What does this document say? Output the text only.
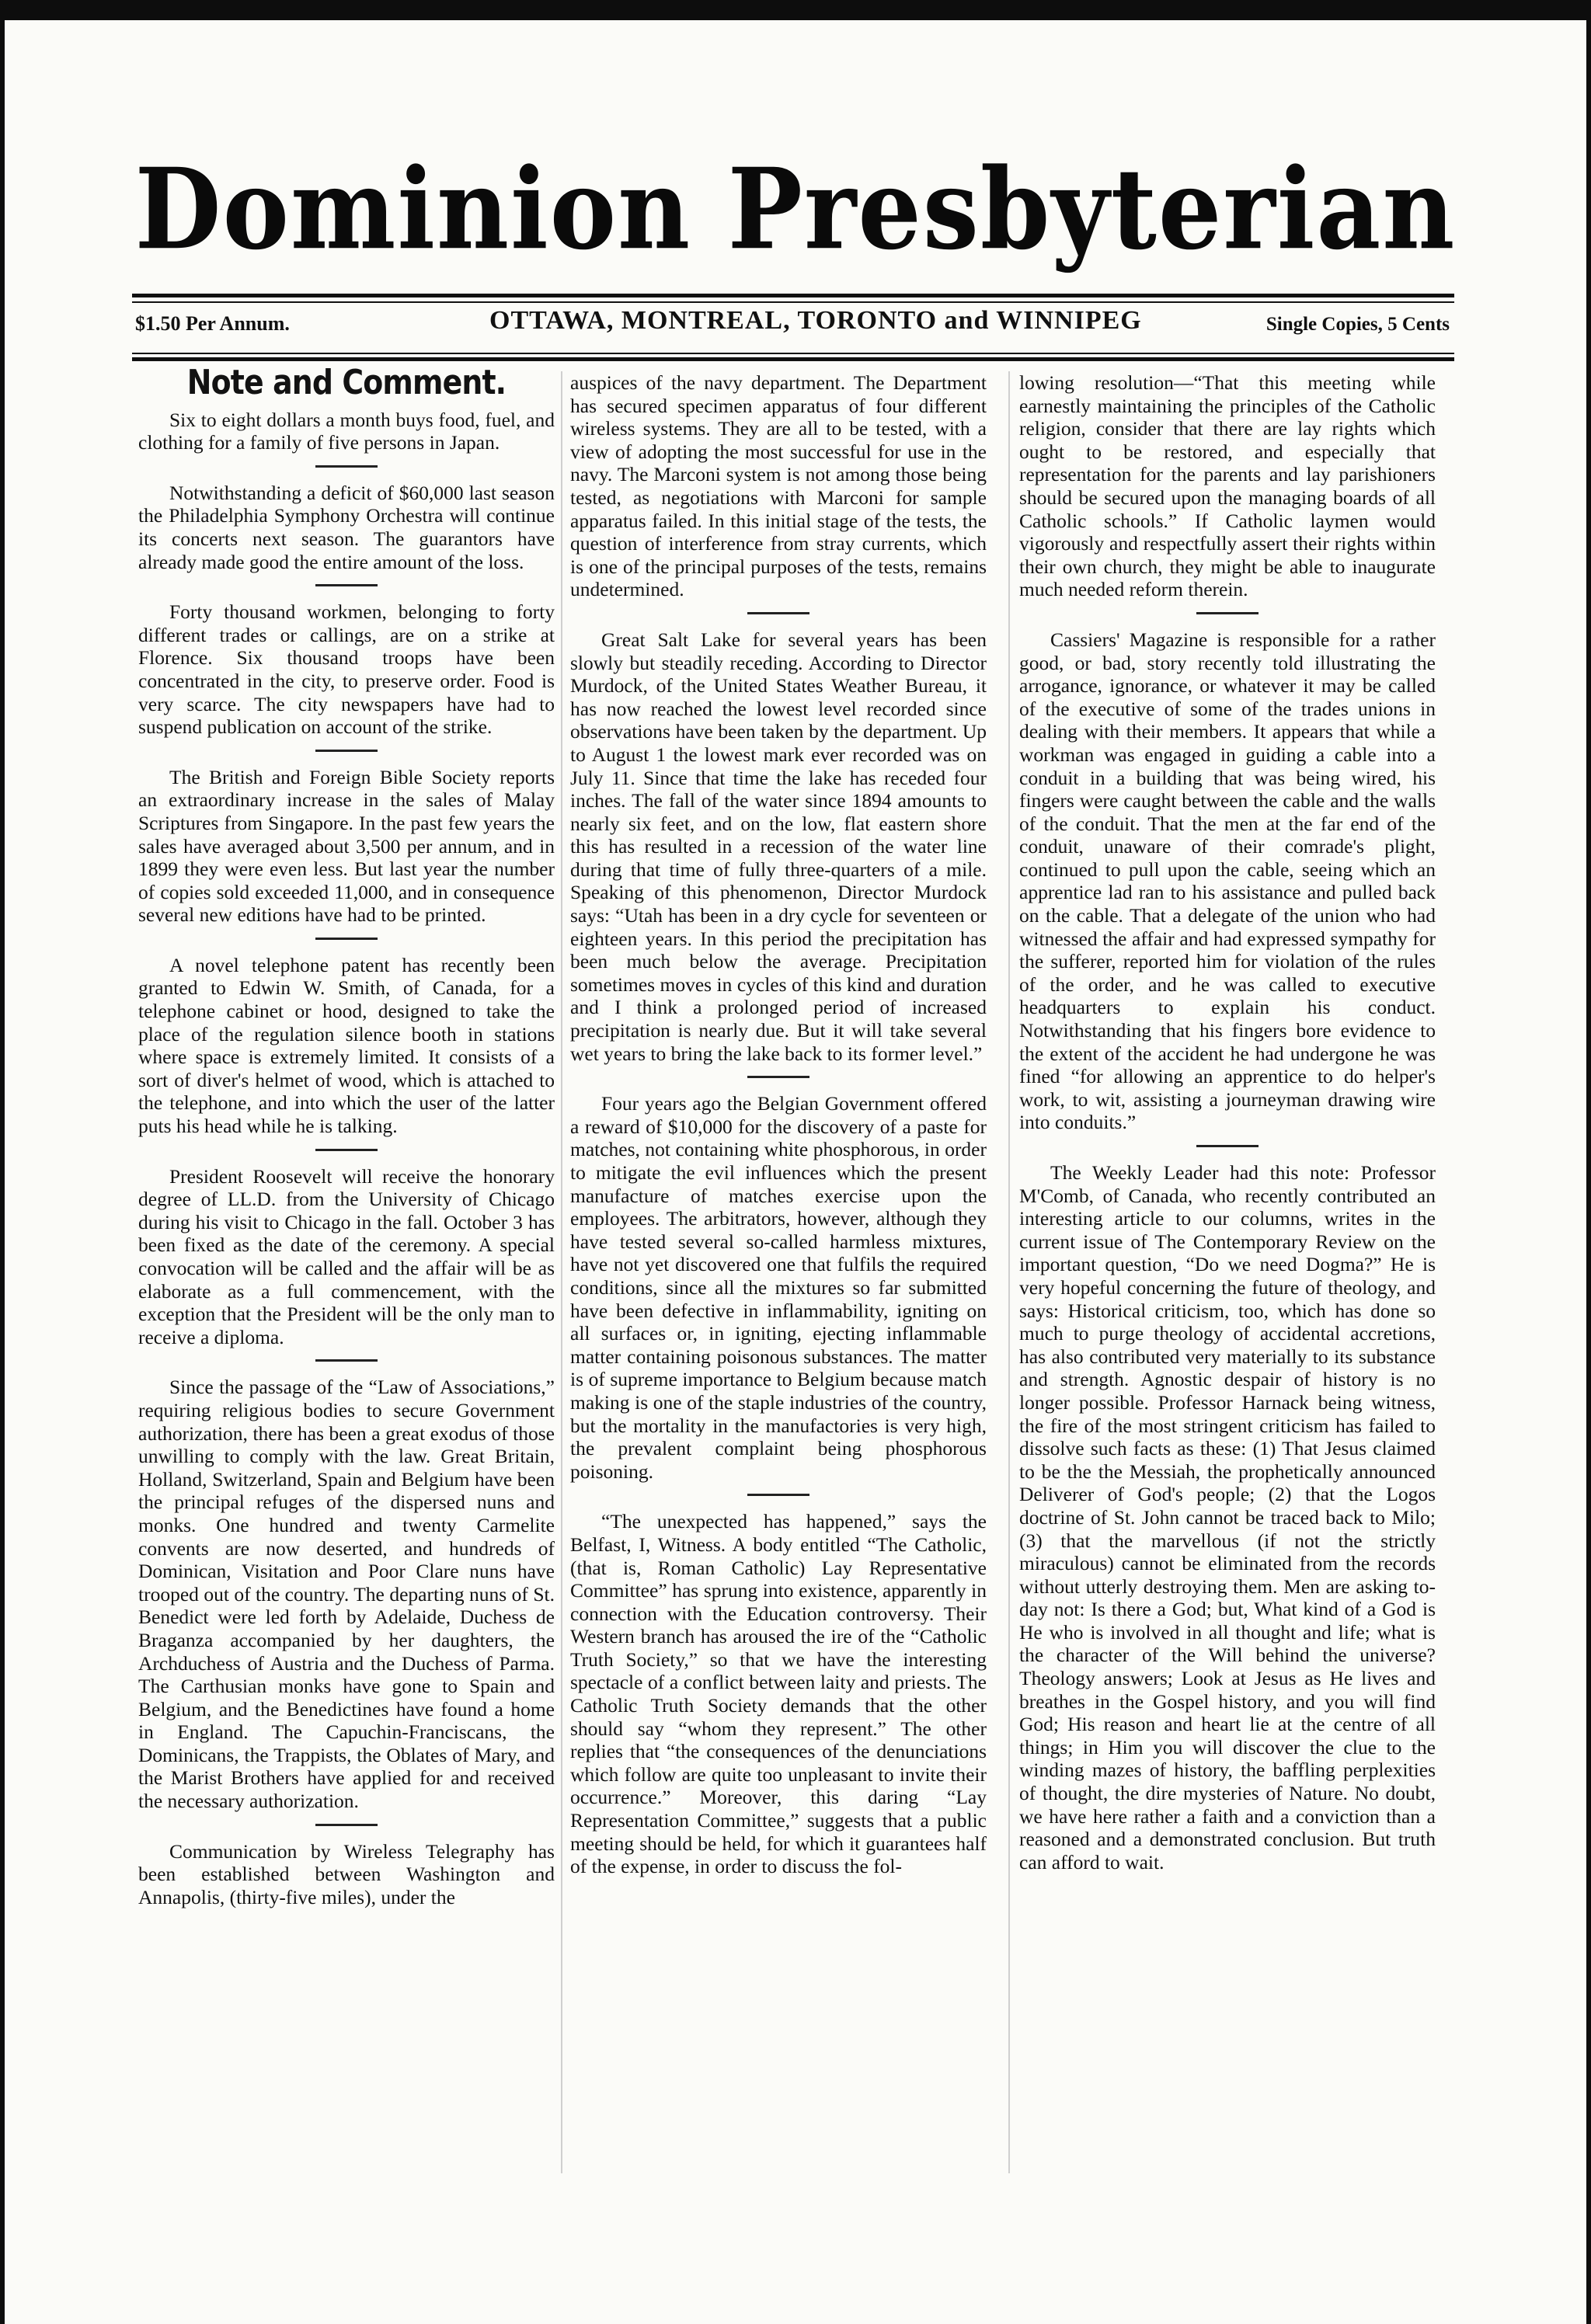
Dominion Presbyterian
$1.50 Per Annum.	OTTAWA, MONTREAL, TORONTO and WINNIPEG	Single Copies, 5 Cents
Note and Comment.

Six to eight dollars a month buys food, fuel, and clothing for a family of five persons in Japan.

Notwithstanding a deficit of $60,000 last season the Philadelphia Symphony Orchestra will continue its concerts next season. The guarantors have already made good the entire amount of the loss.

Forty thousand workmen, belonging to forty different trades or callings, are on a strike at Florence. Six thousand troops have been concentrated in the city, to preserve order. Food is very scarce. The city newspapers have had to suspend publication on account of the strike.

The British and Foreign Bible Society reports an extraordinary increase in the sales of Malay Scriptures from Singapore. In the past few years the sales have averaged about 3,500 per annum, and in 1899 they were even less. But last year the number of copies sold exceeded 11,000, and in consequence several new editions have had to be printed.

A novel telephone patent has recently been granted to Edwin W. Smith, of Canada, for a telephone cabinet or hood, designed to take the place of the regulation silence booth in stations where space is extremely limited. It consists of a sort of diver's helmet of wood, which is attached to the telephone, and into which the user of the latter puts his head while he is talking.

President Roosevelt will receive the honorary degree of LL.D. from the University of Chicago during his visit to Chicago in the fall. October 3 has been fixed as the date of the ceremony. A special convocation will be called and the affair will be as elaborate as a full commencement, with the exception that the President will be the only man to receive a diploma.

Since the passage of the “Law of Associations,” requiring religious bodies to secure Government authorization, there has been a great exodus of those unwilling to comply with the law. Great Britain, Holland, Switzerland, Spain and Belgium have been the principal refuges of the dispersed nuns and monks. One hundred and twenty Carmelite convents are now deserted, and hundreds of Dominican, Visitation and Poor Clare nuns have trooped out of the country. The departing nuns of St. Benedict were led forth by Adelaide, Duchess de Braganza accompanied by her daughters, the Archduchess of Austria and the Duchess of Parma. The Carthusian monks have gone to Spain and Belgium, and the Benedictines have found a home in England. The Capuchin-Franciscans, the Dominicans, the Trappists, the Oblates of Mary, and the Marist Brothers have applied for and received the necessary authorization.

Communication by Wireless Telegraphy has been established between Washington and Annapolis, (thirty-five miles), under the

auspices of the navy department. The Department has secured specimen apparatus of four different wireless systems. They are all to be tested, with a view of adopting the most successful for use in the navy. The Marconi system is not among those being tested, as negotiations with Marconi for sample apparatus failed. In this initial stage of the tests, the question of interference from stray currents, which is one of the principal purposes of the tests, remains undetermined.

Great Salt Lake for several years has been slowly but steadily receding. According to Director Murdock, of the United States Weather Bureau, it has now reached the lowest level recorded since observations have been taken by the department. Up to August 1 the lowest mark ever recorded was on July 11. Since that time the lake has receded four inches. The fall of the water since 1894 amounts to nearly six feet, and on the low, flat eastern shore this has resulted in a recession of the water line during that time of fully three-quarters of a mile. Speaking of this phenomenon, Director Murdock says: “Utah has been in a dry cycle for seventeen or eighteen years. In this period the precipitation has been much below the average. Precipitation sometimes moves in cycles of this kind and duration and I think a prolonged period of increased precipitation is nearly due. But it will take several wet years to bring the lake back to its former level.”

Four years ago the Belgian Government offered a reward of $10,000 for the discovery of a paste for matches, not containing white phosphorous, in order to mitigate the evil influences which the present manufacture of matches exercise upon the employees. The arbitrators, however, although they have tested several so-called harmless mixtures, have not yet discovered one that fulfils the required conditions, since all the mixtures so far submitted have been defective in inflammability, igniting on all surfaces or, in igniting, ejecting inflammable matter containing poisonous substances. The matter is of supreme importance to Belgium because match making is one of the staple industries of the country, but the mortality in the manufactories is very high, the prevalent complaint being phosphorous poisoning.

“The unexpected has happened,” says the Belfast, I, Witness. A body entitled “The Catholic, (that is, Roman Catholic) Lay Representative Committee” has sprung into existence, apparently in connection with the Education controversy. Their Western branch has aroused the ire of the “Catholic Truth Society,” so that we have the interesting spectacle of a conflict between laity and priests. The Catholic Truth Society demands that the other should say “whom they represent.” The other replies that “the consequences of the denunciations which follow are quite too unpleasant to invite their occurrence.” Moreover, this daring “Lay Representation Committee,” suggests that a public meeting should be held, for which it guarantees half of the expense, in order to discuss the fol-

lowing resolution—“That this meeting while earnestly maintaining the principles of the Catholic religion, consider that there are lay rights which ought to be restored, and especially that representation for the parents and lay parishioners should be secured upon the managing boards of all Catholic schools.” If Catholic laymen would vigorously and respectfully assert their rights within their own church, they might be able to inaugurate much needed reform therein.

Cassiers' Magazine is responsible for a rather good, or bad, story recently told illustrating the arrogance, ignorance, or whatever it may be called of the executive of some of the trades unions in dealing with their members. It appears that while a workman was engaged in guiding a cable into a conduit in a building that was being wired, his fingers were caught between the cable and the walls of the conduit. That the men at the far end of the conduit, unaware of their comrade's plight, continued to pull upon the cable, seeing which an apprentice lad ran to his assistance and pulled back on the cable. That a delegate of the union who had witnessed the affair and had expressed sympathy for the sufferer, reported him for violation of the rules of the order, and he was called to executive headquarters to explain his conduct. Notwithstanding that his fingers bore evidence to the extent of the accident he had undergone he was fined “for allowing an apprentice to do helper's work, to wit, assisting a journeyman drawing wire into conduits.”

The Weekly Leader had this note: Professor M'Comb, of Canada, who recently contributed an interesting article to our columns, writes in the current issue of The Contemporary Review on the important question, “Do we need Dogma?” He is very hopeful concerning the future of theology, and says: Historical criticism, too, which has done so much to purge theology of accidental accretions, has also contributed very materially to its substance and strength. Agnostic despair of history is no longer possible. Professor Harnack being witness, the fire of the most stringent criticism has failed to dissolve such facts as these: (1) That Jesus claimed to be the the Messiah, the prophetically announced Deliverer of God's people; (2) that the Logos doctrine of St. John cannot be traced back to Milo; (3) that the marvellous (if not the strictly miraculous) cannot be eliminated from the records without utterly destroying them. Men are asking to-day not: Is there a God; but, What kind of a God is He who is involved in all thought and life; what is the character of the Will behind the universe? Theology answers; Look at Jesus as He lives and breathes in the Gospel history, and you will find God; His reason and heart lie at the centre of all things; in Him you will discover the clue to the winding mazes of history, the baffling perplexities of thought, the dire mysteries of Nature. No doubt, we have here rather a faith and a conviction than a reasoned and a demonstrated conclusion. But truth can afford to wait.
